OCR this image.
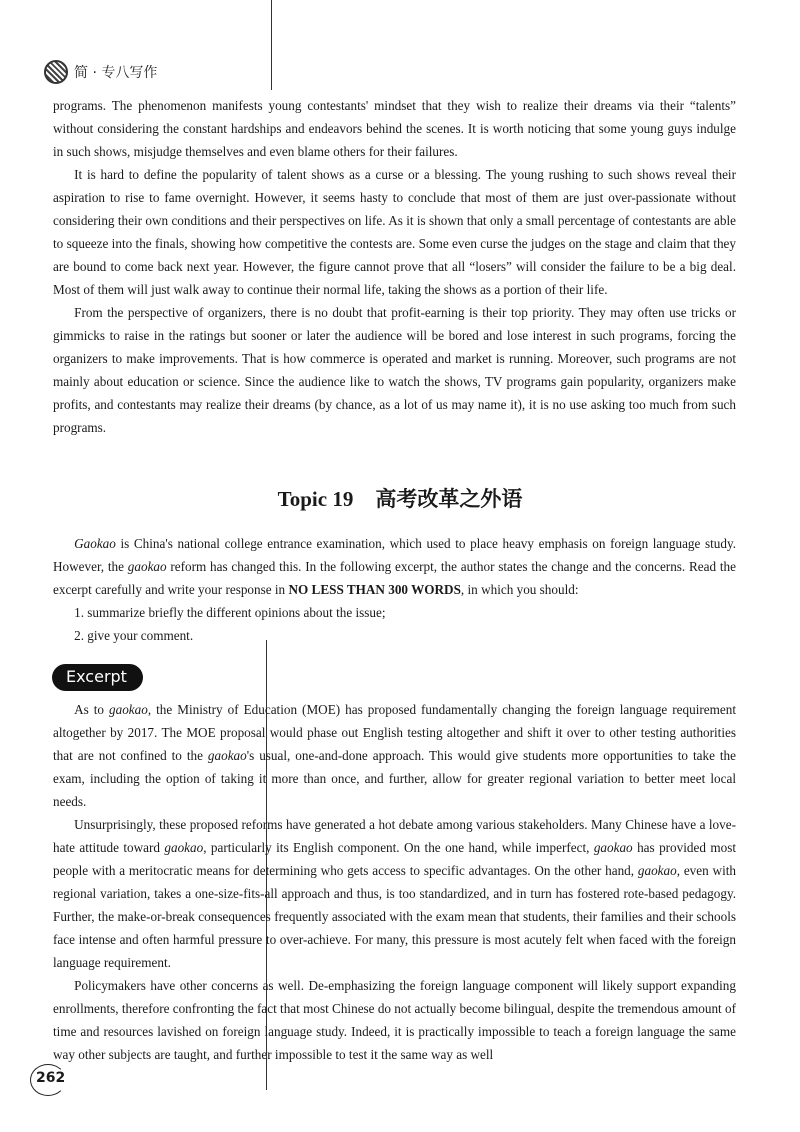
简 · 专八写作

programs. The phenomenon manifests young contestants' mindset that they wish to realize their dreams via their “talents” without considering the constant hardships and endeavors behind the scenes. It is worth noticing that some young guys indulge in such shows, misjudge themselves and even blame others for their failures.

It is hard to define the popularity of talent shows as a curse or a blessing. The young rushing to such shows reveal their aspiration to rise to fame overnight. However, it seems hasty to conclude that most of them are just over-passionate without considering their own conditions and their perspectives on life. As it is shown that only a small percentage of contestants are able to squeeze into the finals, showing how competitive the contests are. Some even curse the judges on the stage and claim that they are bound to come back next year. However, the figure cannot prove that all “losers” will consider the failure to be a big deal. Most of them will just walk away to continue their normal life, taking the shows as a portion of their life.

From the perspective of organizers, there is no doubt that profit-earning is their top priority. They may often use tricks or gimmicks to raise in the ratings but sooner or later the audience will be bored and lose interest in such programs, forcing the organizers to make improvements. That is how commerce is operated and market is running. Moreover, such programs are not mainly about education or science. Since the audience like to watch the shows, TV programs gain popularity, organizers make profits, and contestants may realize their dreams (by chance, as a lot of us may name it), it is no use asking too much from such programs.

Topic 19 高考改革之外语

Gaokao is China's national college entrance examination, which used to place heavy emphasis on foreign language study. However, the gaokao reform has changed this. In the following excerpt, the author states the change and the concerns. Read the excerpt carefully and write your response in NO LESS THAN 300 WORDS, in which you should:

1. summarize briefly the different opinions about the issue;

2. give your comment.

Excerpt

As to gaokao, the Ministry of Education (MOE) has proposed fundamentally changing the foreign language requirement altogether by 2017. The MOE proposal would phase out English testing altogether and shift it over to other testing authorities that are not confined to the gaokao's usual, one-and-done approach. This would give students more opportunities to take the exam, including the option of taking it more than once, and further, allow for greater regional variation to better meet local needs.

Unsurprisingly, these proposed reforms have generated a hot debate among various stakeholders. Many Chinese have a love-hate attitude toward gaokao, particularly its English component. On the one hand, while imperfect, gaokao has provided most people with a meritocratic means for determining who gets access to specific advantages. On the other hand, gaokao, even with regional variation, takes a one-size-fits-all approach and thus, is too standardized, and in turn has fostered rote-based pedagogy. Further, the make-or-break consequences frequently associated with the exam mean that students, their families and their schools face intense and often harmful pressure to over-achieve. For many, this pressure is most acutely felt when faced with the foreign language requirement.

Policymakers have other concerns as well. De-emphasizing the foreign language component will likely support expanding enrollments, therefore confronting the fact that most Chinese do not actually become bilingual, despite the tremendous amount of time and resources lavished on foreign language study. Indeed, it is practically impossible to teach a foreign language the same way other subjects are taught, and further impossible to test it the same way as well

262
